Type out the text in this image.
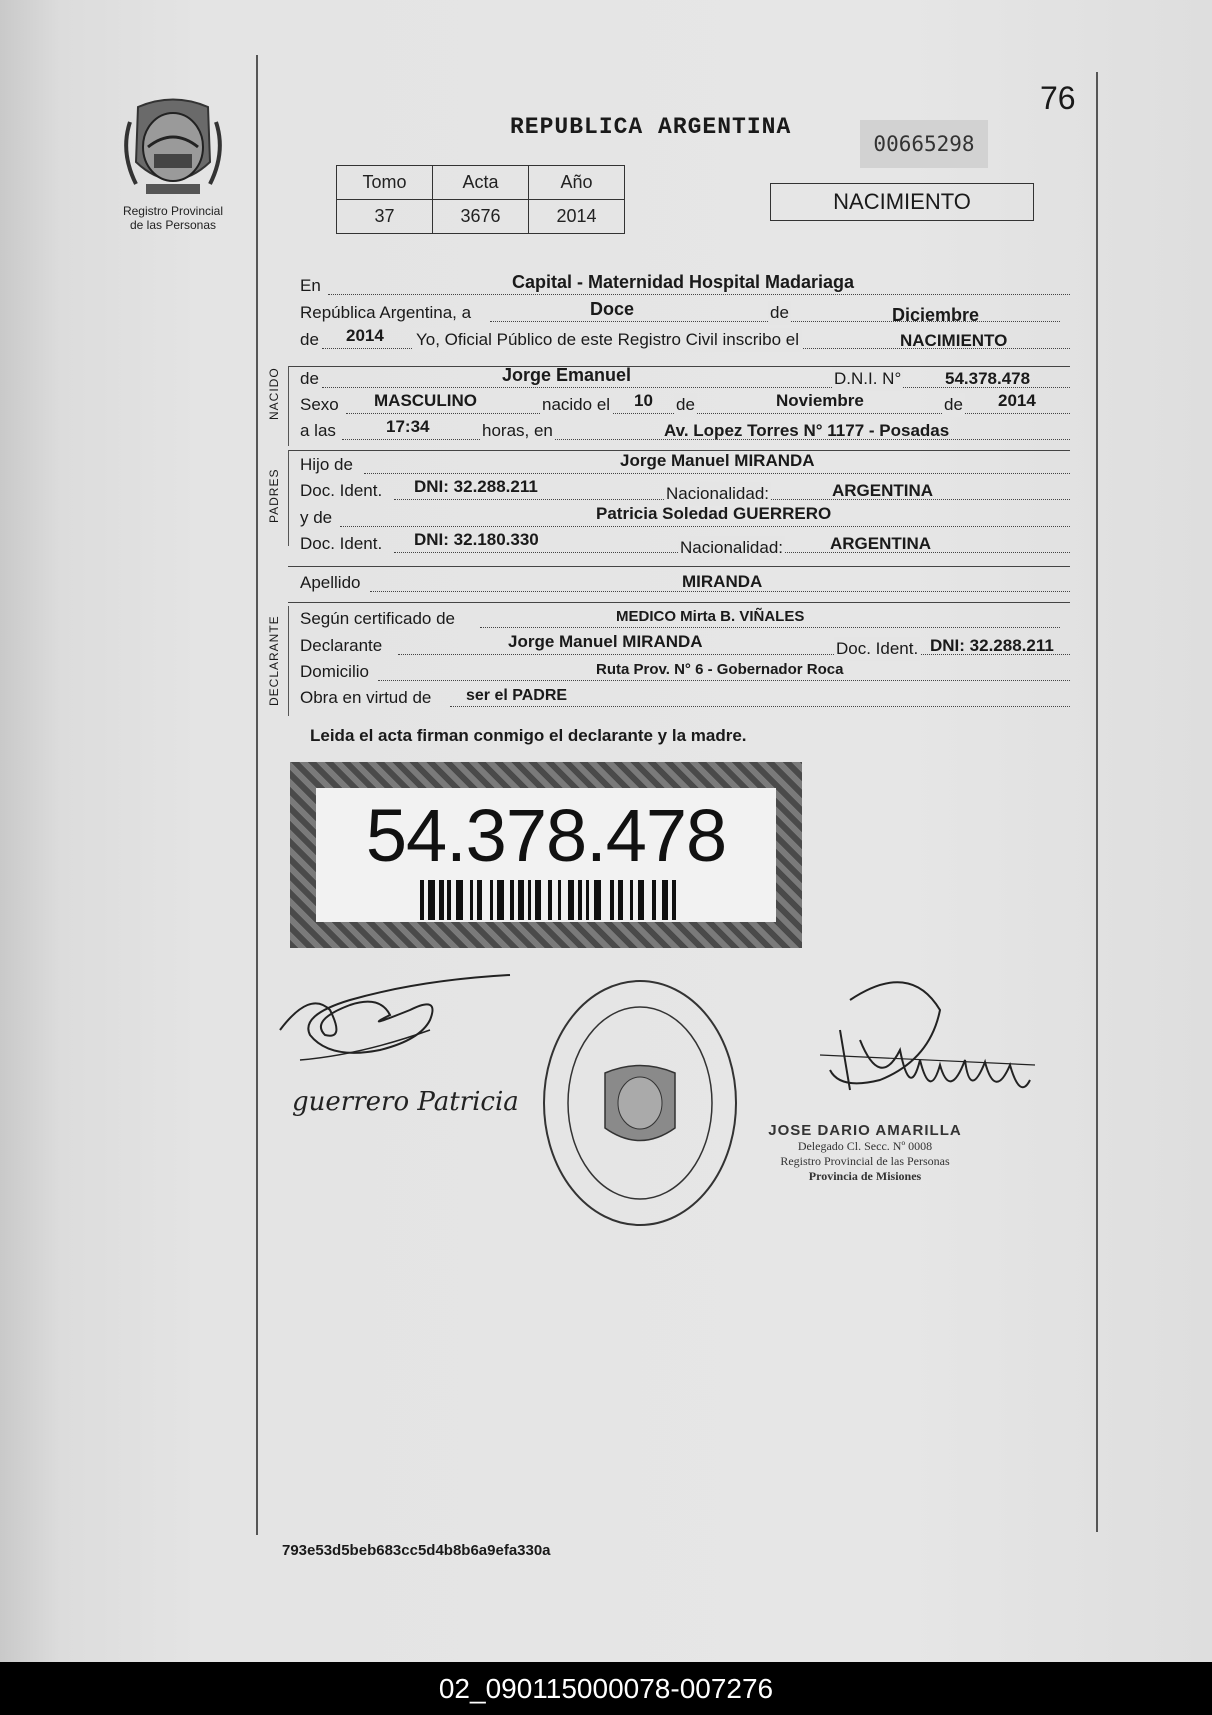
Registro Provincial
de las Personas
REPUBLICA ARGENTINA
00665298
76
Tomo	Acta	Año
37	3676	2014
NACIMIENTO
En	Capital - Maternidad Hospital Madariaga
República Argentina, a	Doce	de	Diciembre
de 2014 Yo, Oficial Público de este Registro Civil inscribo el	NACIMIENTO
NACIDO de	Jorge Emanuel	D.N.I. N°	54.378.478
Sexo MASCULINO	nacido el 10 de	Noviembre	de 2014
a las	17:34	horas, en	Av. Lopez Torres N° 1177 - Posadas
PADRES
Hijo de	Jorge Manuel MIRANDA
Doc. Ident. DNI: 32.288.211	Nacionalidad:	ARGENTINA
y de	Patricia Soledad GUERRERO
Doc. Ident. DNI: 32.180.330	Nacionalidad:	ARGENTINA
Apellido	MIRANDA
DECLARANTE Según certificado de	MEDICO Mirta B. VIÑALES
Declarante	Jorge Manuel MIRANDA	Doc. Ident. DNI: 32.288.211
Domicilio	Ruta Prov. N° 6 - Gobernador Roca
Obra en virtud de ser el PADRE
Leida el acta firman conmigo el declarante y la madre.
54.378.478
guerrero Patricia
JOSE DARIO AMARILLA
Delegado Cl. Secc. Nº 0008
Registro Provincial de las Personas
Provincia de Misiones
793e53d5beb683cc5d4b8b6a9efa330a
02_090115000078-007276
